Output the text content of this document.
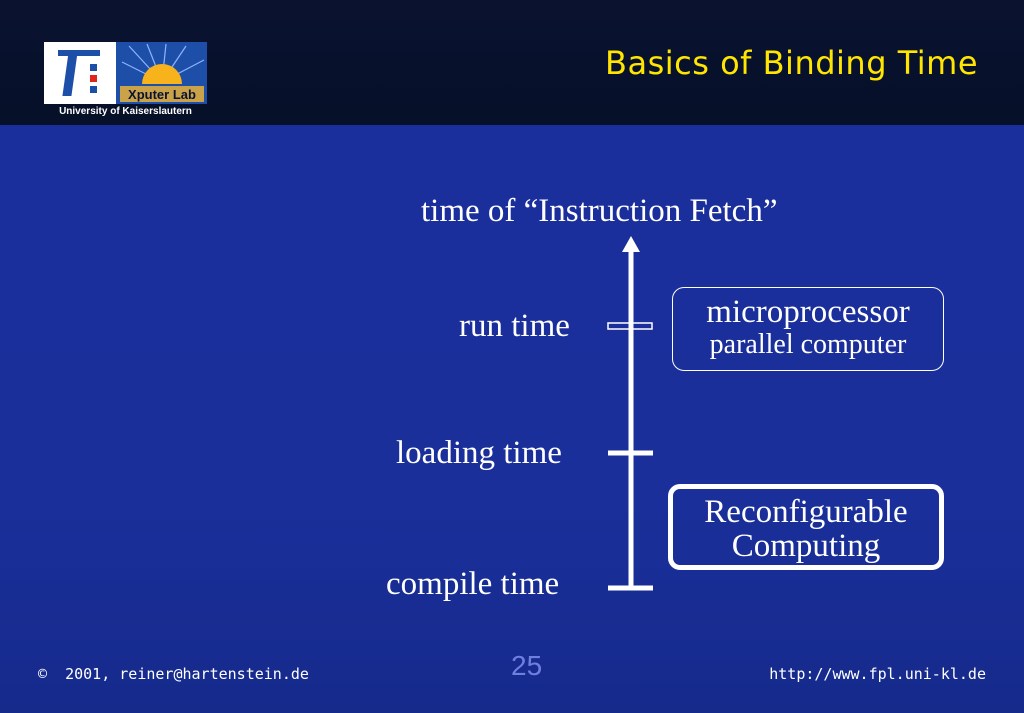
Xputer Lab
University of Kaiserslautern
Basics of Binding Time
time of “Instruction Fetch”
run time
loading time
compile time
microprocessor
parallel computer
Reconfigurable
Computing
© 2001, reiner@hartenstein.de	25	http://www.fpl.uni-kl.de
